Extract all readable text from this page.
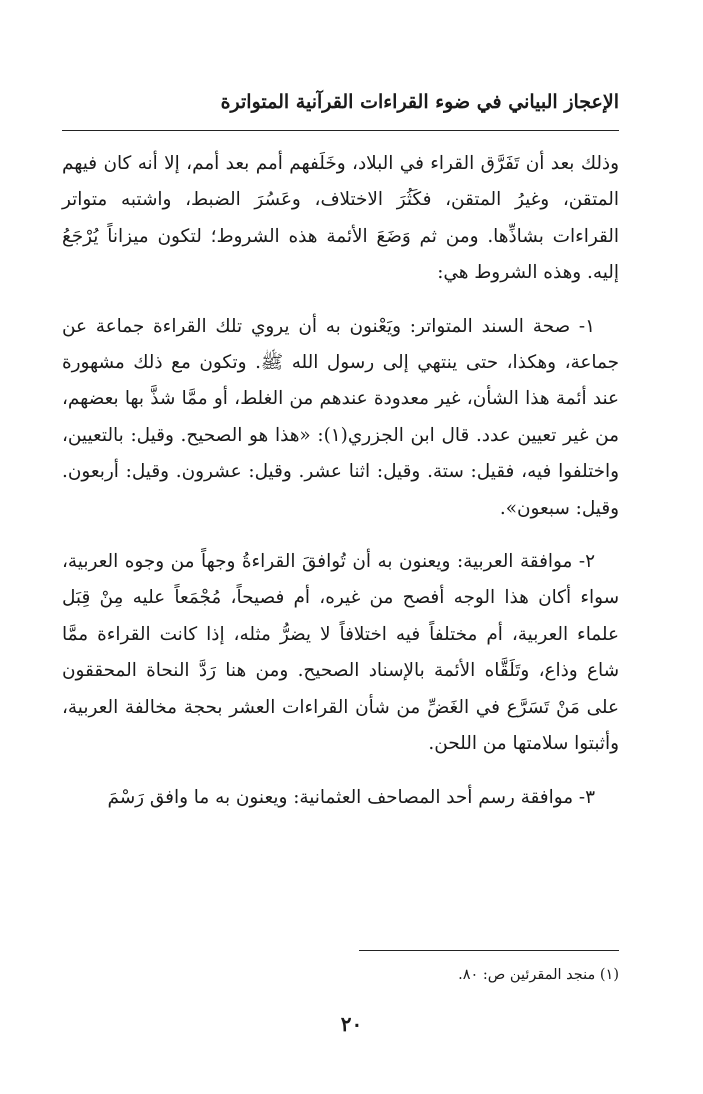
الإعجاز البياني في ضوء القراءات القرآنية المتواترة

وذلك بعد أن تَفَرَّق القراء في البلاد، وخَلَفهم أمم بعد أمم، إلا أنه كان فيهم المتقن، وغيرُ المتقن، فكَثُرَ الاختلاف، وعَسُرَ الضبط، واشتبه متواتر القراءات بشاذِّها. ومن ثم وَضَعَ الأئمة هذه الشروط؛ لتكون ميزاناً يُرْجَعُ إليه. وهذه الشروط هي:

١- صحة السند المتواتر: ويَعْنون به أن يروي تلك القراءة جماعة عن جماعة، وهكذا، حتى ينتهي إلى رسول الله ﷺ. وتكون مع ذلك مشهورة عند أئمة هذا الشأن، غير معدودة عندهم من الغلط، أو ممَّا شذَّ بها بعضهم، من غير تعيين عدد. قال ابن الجزري(١): «هذا هو الصحيح. وقيل: بالتعيين، واختلفوا فيه، فقيل: ستة. وقيل: اثنا عشر. وقيل: عشرون. وقيل: أربعون. وقيل: سبعون».

٢- موافقة العربية: ويعنون به أن تُوافقَ القراءةُ وجهاً من وجوه العربية، سواء أكان هذا الوجه أفصح من غيره، أم فصيحاً، مُجْمَعاً عليه مِنْ قِبَل علماء العربية، أم مختلفاً فيه اختلافاً لا يضرُّ مثله، إذا كانت القراءة ممَّا شاع وذاع، وتَلَقَّاه الأئمة بالإسناد الصحيح. ومن هنا رَدَّ النحاة المحققون على مَنْ تَسَرَّع في الغَضِّ من شأن القراءات العشر بحجة مخالفة العربية، وأثبتوا سلامتها من اللحن.

٣- موافقة رسم أحد المصاحف العثمانية: ويعنون به ما وافق رَسْمَ

(١) منجد المقرئين ص: ٨٠.
٢٠
